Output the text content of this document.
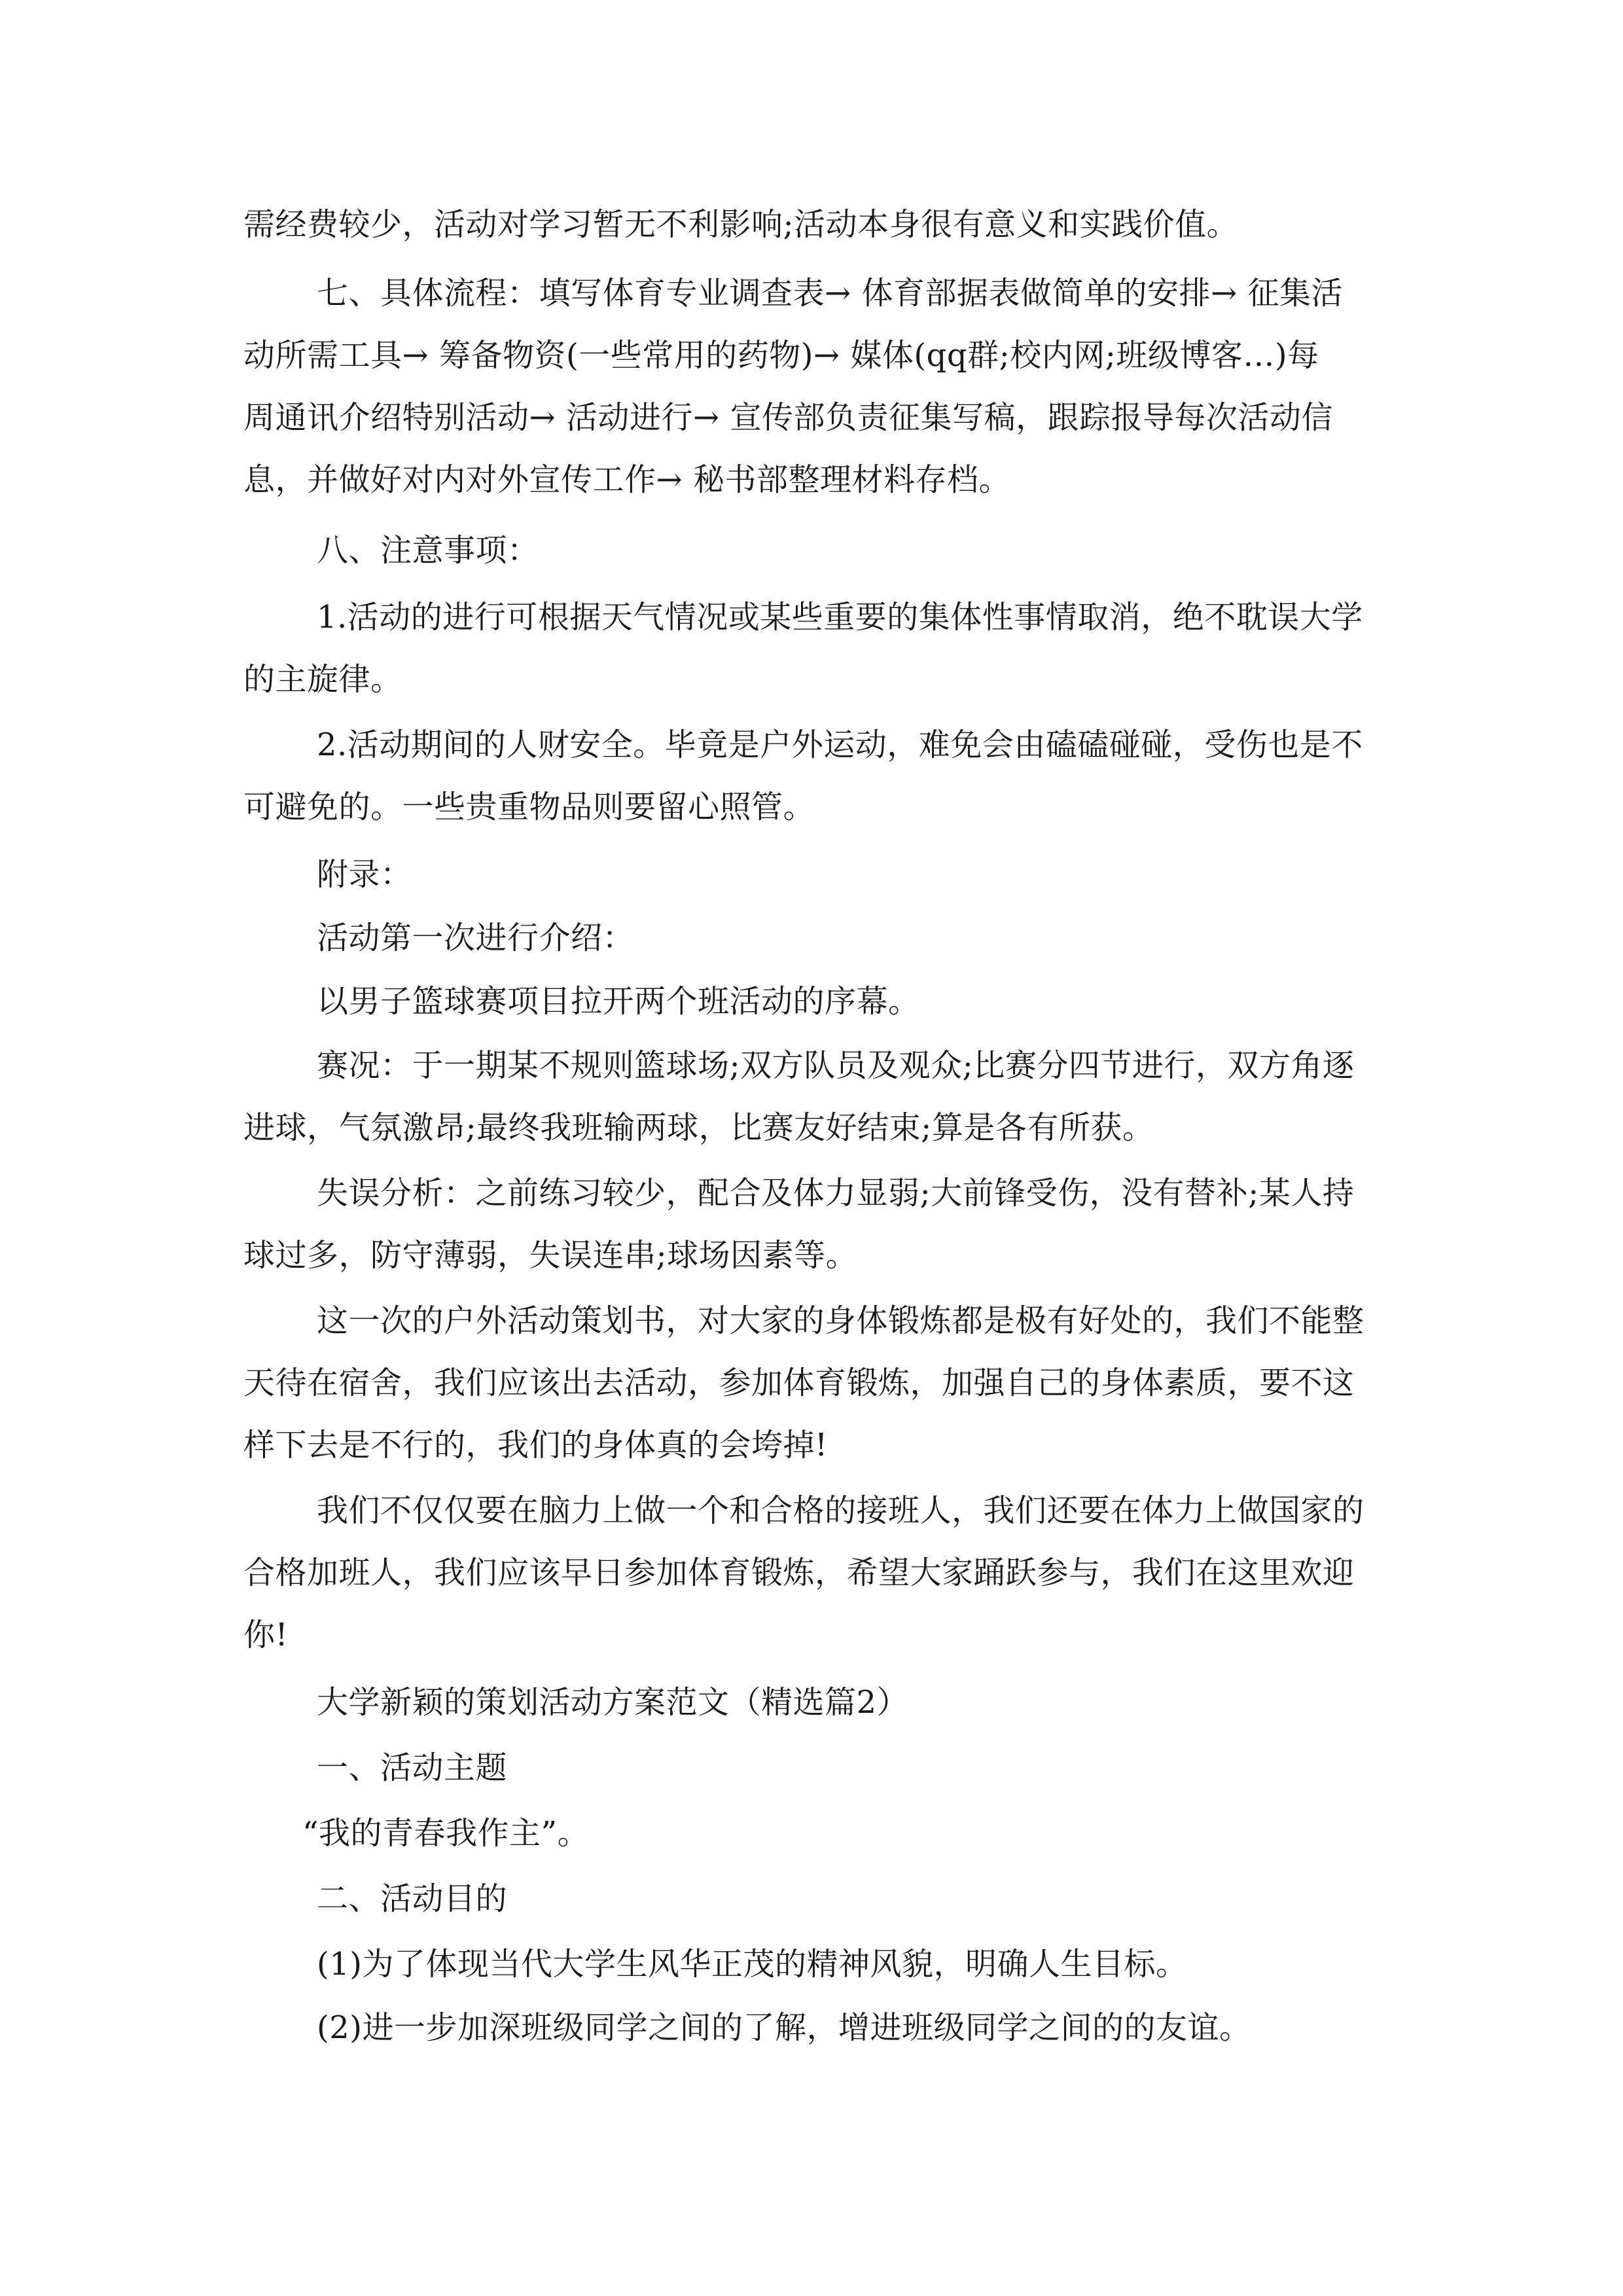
需经费较少，活动对学习暂无不利影响;活动本身很有意义和实践价值。

七、具体流程：填写体育专业调查表→ 体育部据表做简单的安排→ 征集活

动所需工具→ 筹备物资(一些常用的药物)→ 媒体(qq群;校内网;班级博客…)每

周通讯介绍特别活动→ 活动进行→ 宣传部负责征集写稿，跟踪报导每次活动信

息，并做好对内对外宣传工作→ 秘书部整理材料存档。

八、注意事项：

1.活动的进行可根据天气情况或某些重要的集体性事情取消，绝不耽误大学

的主旋律。

2.活动期间的人财安全。毕竟是户外运动，难免会由磕磕碰碰，受伤也是不

可避免的。一些贵重物品则要留心照管。

附录：

活动第一次进行介绍：

以男子篮球赛项目拉开两个班活动的序幕。

赛况：于一期某不规则篮球场;双方队员及观众;比赛分四节进行，双方角逐

进球，气氛激昂;最终我班输两球，比赛友好结束;算是各有所获。

失误分析：之前练习较少，配合及体力显弱;大前锋受伤，没有替补;某人持

球过多，防守薄弱，失误连串;球场因素等。

这一次的户外活动策划书，对大家的身体锻炼都是极有好处的，我们不能整

天待在宿舍，我们应该出去活动，参加体育锻炼，加强自己的身体素质，要不这

样下去是不行的，我们的身体真的会垮掉!

我们不仅仅要在脑力上做一个和合格的接班人，我们还要在体力上做国家的

合格加班人，我们应该早日参加体育锻炼，希望大家踊跃参与，我们在这里欢迎

你!

大学新颖的策划活动方案范文（精选篇2）

一、活动主题

“我的青春我作主”。

二、活动目的

(1)为了体现当代大学生风华正茂的精神风貌，明确人生目标。

(2)进一步加深班级同学之间的了解，增进班级同学之间的的友谊。
